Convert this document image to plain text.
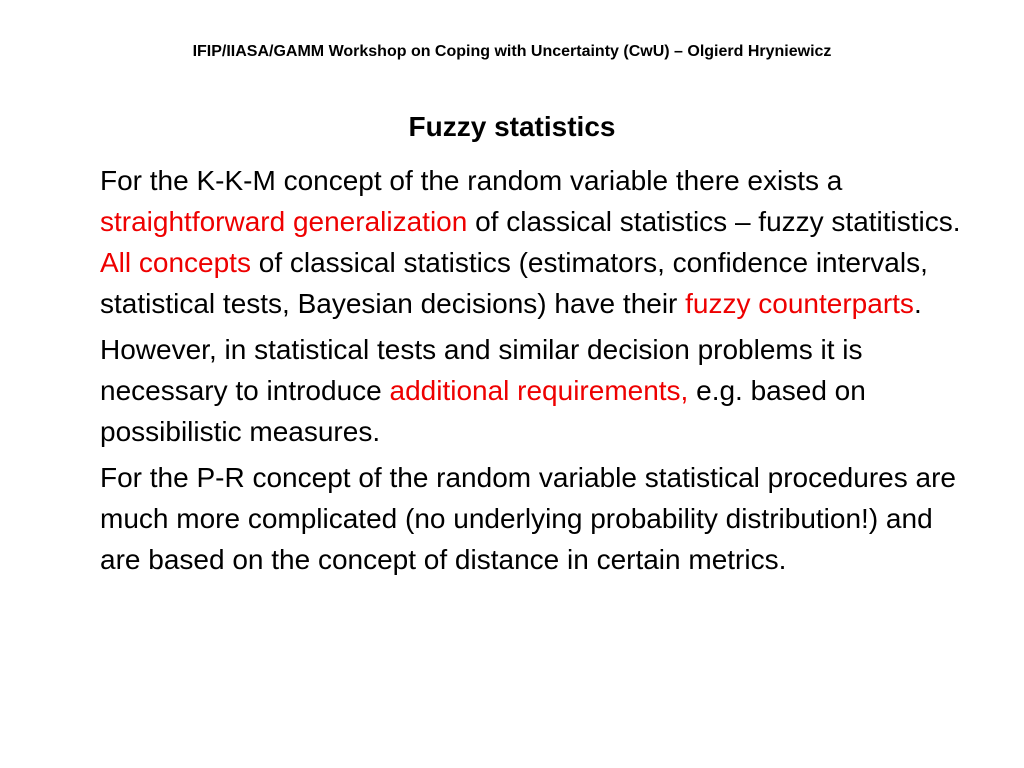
IFIP/IIASA/GAMM Workshop on Coping with Uncertainty (CwU) – Olgierd Hryniewicz
Fuzzy statistics

For the K-K-M concept of the random variable there exists a straightforward generalization of classical statistics – fuzzy statitistics. All concepts of classical statistics (estimators, confidence intervals, statistical tests, Bayesian decisions) have their fuzzy counterparts.

However, in statistical tests and similar decision problems it is necessary to introduce additional requirements, e.g. based on possibilistic measures.

For the P-R concept of the random variable statistical procedures are much more complicated (no underlying probability distribution!) and are based on the concept of distance in certain metrics.
